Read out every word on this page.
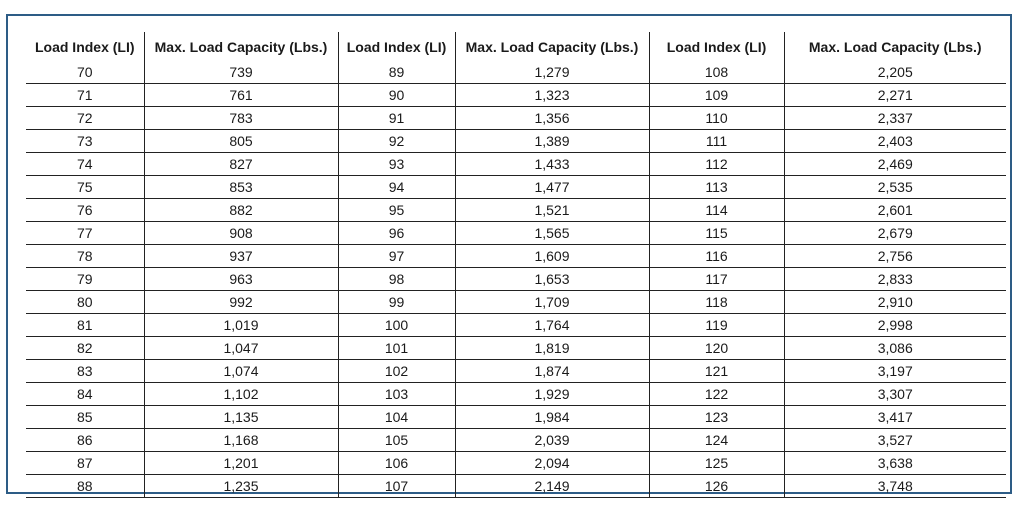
Load Index (LI)	Max. Load Capacity (Lbs.)	Load Index (LI)	Max. Load Capacity (Lbs.)	Load Index (LI)	Max. Load Capacity (Lbs.)
70	739	89	1,279	108	2,205
71	761	90	1,323	109	2,271
72	783	91	1,356	110	2,337
73	805	92	1,389	111	2,403
74	827	93	1,433	112	2,469
75	853	94	1,477	113	2,535
76	882	95	1,521	114	2,601
77	908	96	1,565	115	2,679
78	937	97	1,609	116	2,756
79	963	98	1,653	117	2,833
80	992	99	1,709	118	2,910
81	1,019	100	1,764	119	2,998
82	1,047	101	1,819	120	3,086
83	1,074	102	1,874	121	3,197
84	1,102	103	1,929	122	3,307
85	1,135	104	1,984	123	3,417
86	1,168	105	2,039	124	3,527
87	1,201	106	2,094	125	3,638
88	1,235	107	2,149	126	3,748
